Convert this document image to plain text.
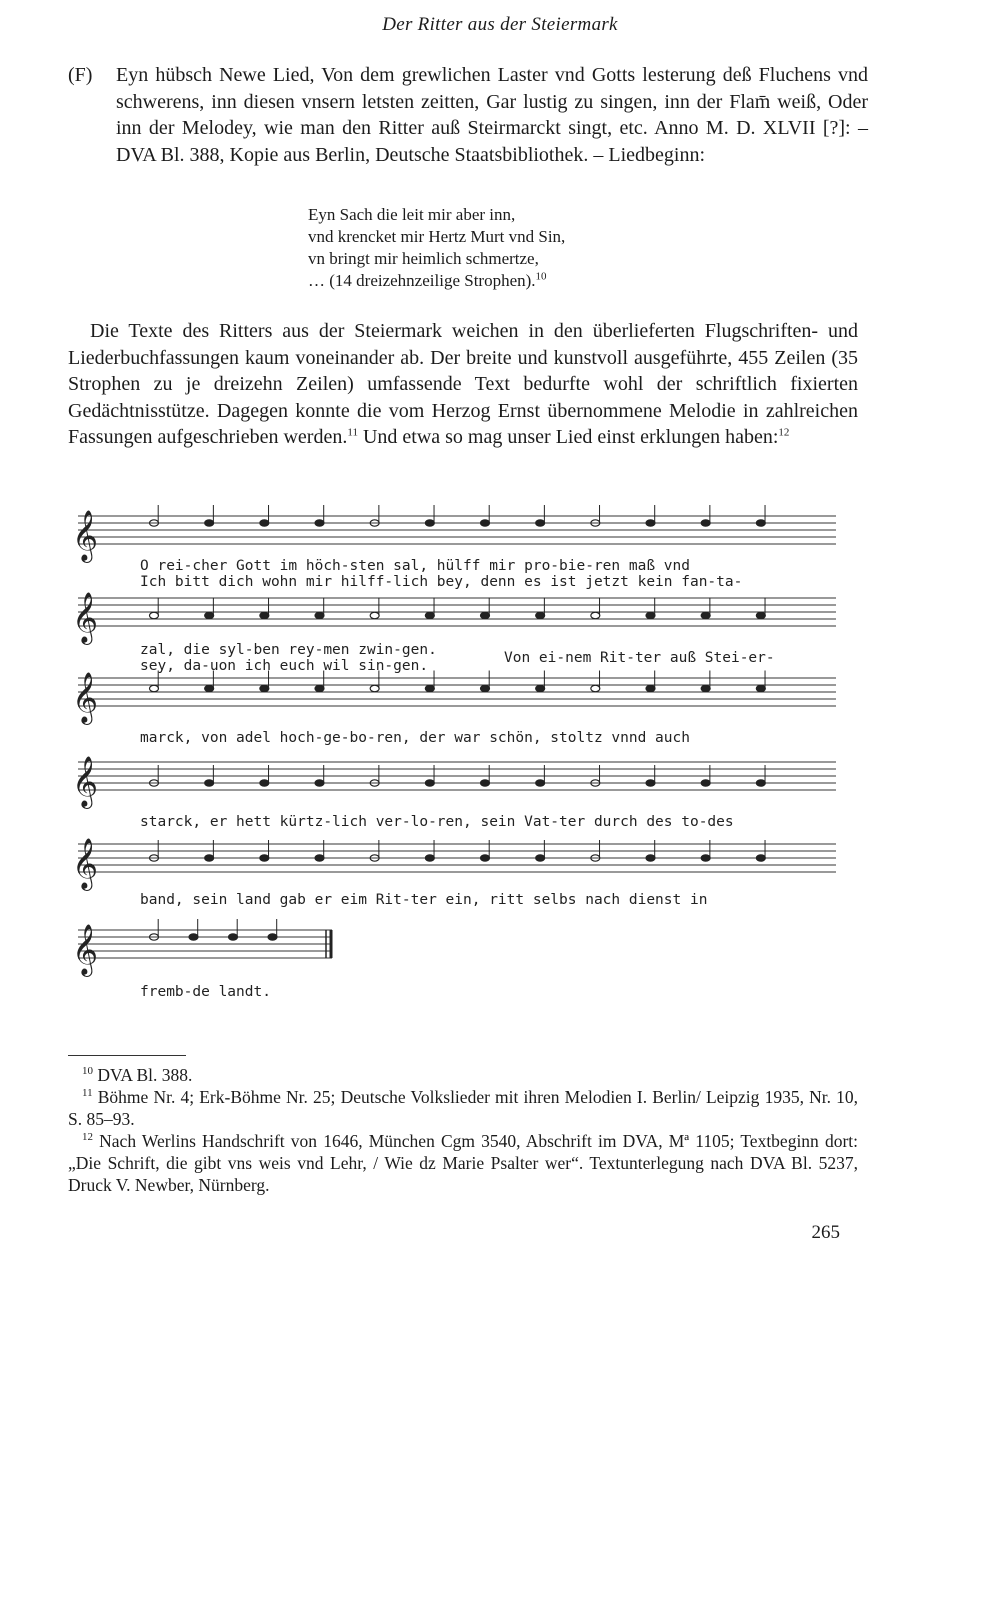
Der Ritter aus der Steiermark
(F) Eyn hübsch Newe Lied, Von dem grewlichen Laster vnd Gotts lesterung deß Fluchens vnd schwerens, inn diesen vnsern letsten zeitten, Gar lustig zu singen, inn der Flam̄ weiß, Oder inn der Melodey, wie man den Ritter auß Steirmarckt singt, etc. Anno M. D. XLVII [?]: – DVA Bl. 388, Kopie aus Berlin, Deutsche Staatsbibliothek. – Liedbeginn:
Eyn Sach die leit mir aber inn,
vnd krencket mir Hertz Murt vnd Sin,
vn bringt mir heimlich schmertze,
… (14 dreizehnzeilige Strophen).$^{10}$
Die Texte des Ritters aus der Steiermark weichen in den überlieferten Flugschriften- und Liederbuchfassungen kaum voneinander ab. Der breite und kunstvoll ausgeführte, 455 Zeilen (35 Strophen zu je dreizehn Zeilen) umfassende Text bedurfte wohl der schriftlich fixierten Gedächtnisstütze. Dagegen konnte die vom Herzog Ernst übernommene Melodie in zahlreichen Fassungen aufgeschrieben werden.$^{11}$ Und etwa so mag unser Lied einst erklungen haben:$^{12}$
𝄞
𝄞
𝄞
𝄞
𝄞
𝄞
O rei-cher Gott im höch-sten sal, hülff mir pro-bie-ren maß vnd
Ich bitt dich wohn mir hilff-lich bey, denn es ist jetzt kein fan-ta-
zal, die syl-ben rey-men zwin-gen.
sey, da-uon ich euch wil sin-gen.	Von ei-nem Rit-ter auß Stei-er-
marck, von adel hoch-ge-bo-ren, der war schön, stoltz vnnd auch
starck, er hett kürtz-lich ver-lo-ren, sein Vat-ter durch des to-des
band, sein land gab er eim Rit-ter ein, ritt selbs nach dienst in
fremb-de landt.

$^{10}$ DVA Bl. 388.

$^{11}$ Böhme Nr. 4; Erk-Böhme Nr. 25; Deutsche Volkslieder mit ihren Melodien I. Berlin/ Leipzig 1935, Nr. 10, S. 85–93.

$^{12}$ Nach Werlins Handschrift von 1646, München Cgm 3540, Abschrift im DVA, Mª 1105; Textbeginn dort: „Die Schrift, die gibt vns weis vnd Lehr, / Wie dz Marie Psalter wer“. Textunterlegung nach DVA Bl. 5237, Druck V. Newber, Nürnberg.

265
